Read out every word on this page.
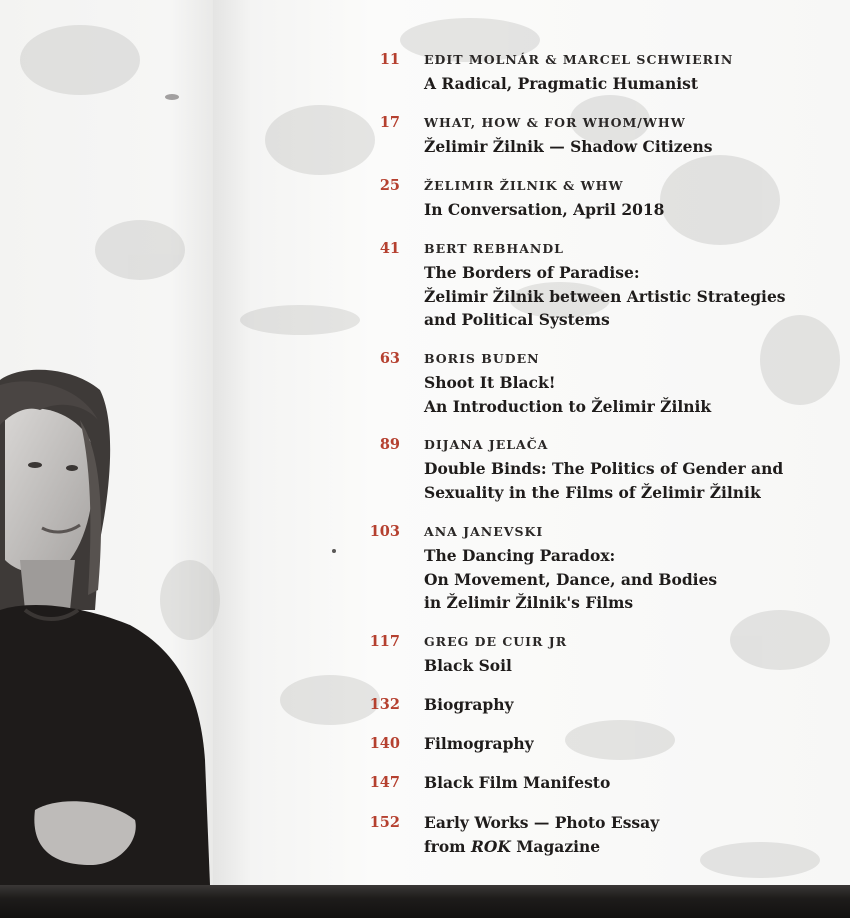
11 EDIT MOLNÁR & MARCEL SCHWIERIN
A Radical, Pragmatic Humanist
17 WHAT, HOW & FOR WHOM/WHW
Želimir Žilnik — Shadow Citizens
25 ŽELIMIR ŽILNIK & WHW
In Conversation, April 2018
41 BERT REBHANDL
The Borders of Paradise:
Želimir Žilnik between Artistic Strategies
and Political Systems
63 BORIS BUDEN
Shoot It Black!
An Introduction to Želimir Žilnik
89 DIJANA JELAČA
Double Binds: The Politics of Gender and
Sexuality in the Films of Želimir Žilnik
103 ANA JANEVSKI
The Dancing Paradox:
On Movement, Dance, and Bodies
in Želimir Žilnik's Films
117 GREG DE CUIR JR
Black Soil
132 Biography
140 Filmography
147 Black Film Manifesto
152 Early Works — Photo Essay
from ROK Magazine
